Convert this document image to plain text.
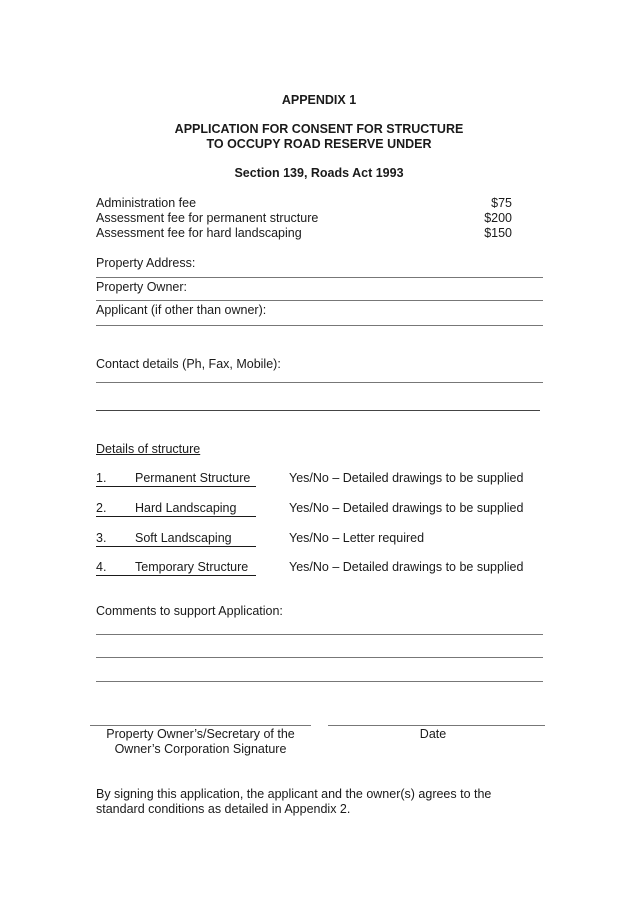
APPENDIX 1
APPLICATION FOR CONSENT FOR STRUCTURE
TO OCCUPY ROAD RESERVE UNDER
Section 139, Roads Act 1993
Administration fee	$75
Assessment fee for permanent structure	$200
Assessment fee for hard landscaping	$150
Property Address:
Property Owner:
Applicant (if other than owner):
Contact details (Ph, Fax, Mobile):
Details of structure
1. Permanent Structure	Yes/No – Detailed drawings to be supplied
2. Hard Landscaping	Yes/No – Detailed drawings to be supplied
3. Soft Landscaping	Yes/No – Letter required
4. Temporary Structure	Yes/No – Detailed drawings to be supplied
Comments to support Application:
Property Owner’s/Secretary of the
Owner’s Corporation Signature
Date
By signing this application, the applicant and the owner(s) agrees to the
standard conditions as detailed in Appendix 2.
